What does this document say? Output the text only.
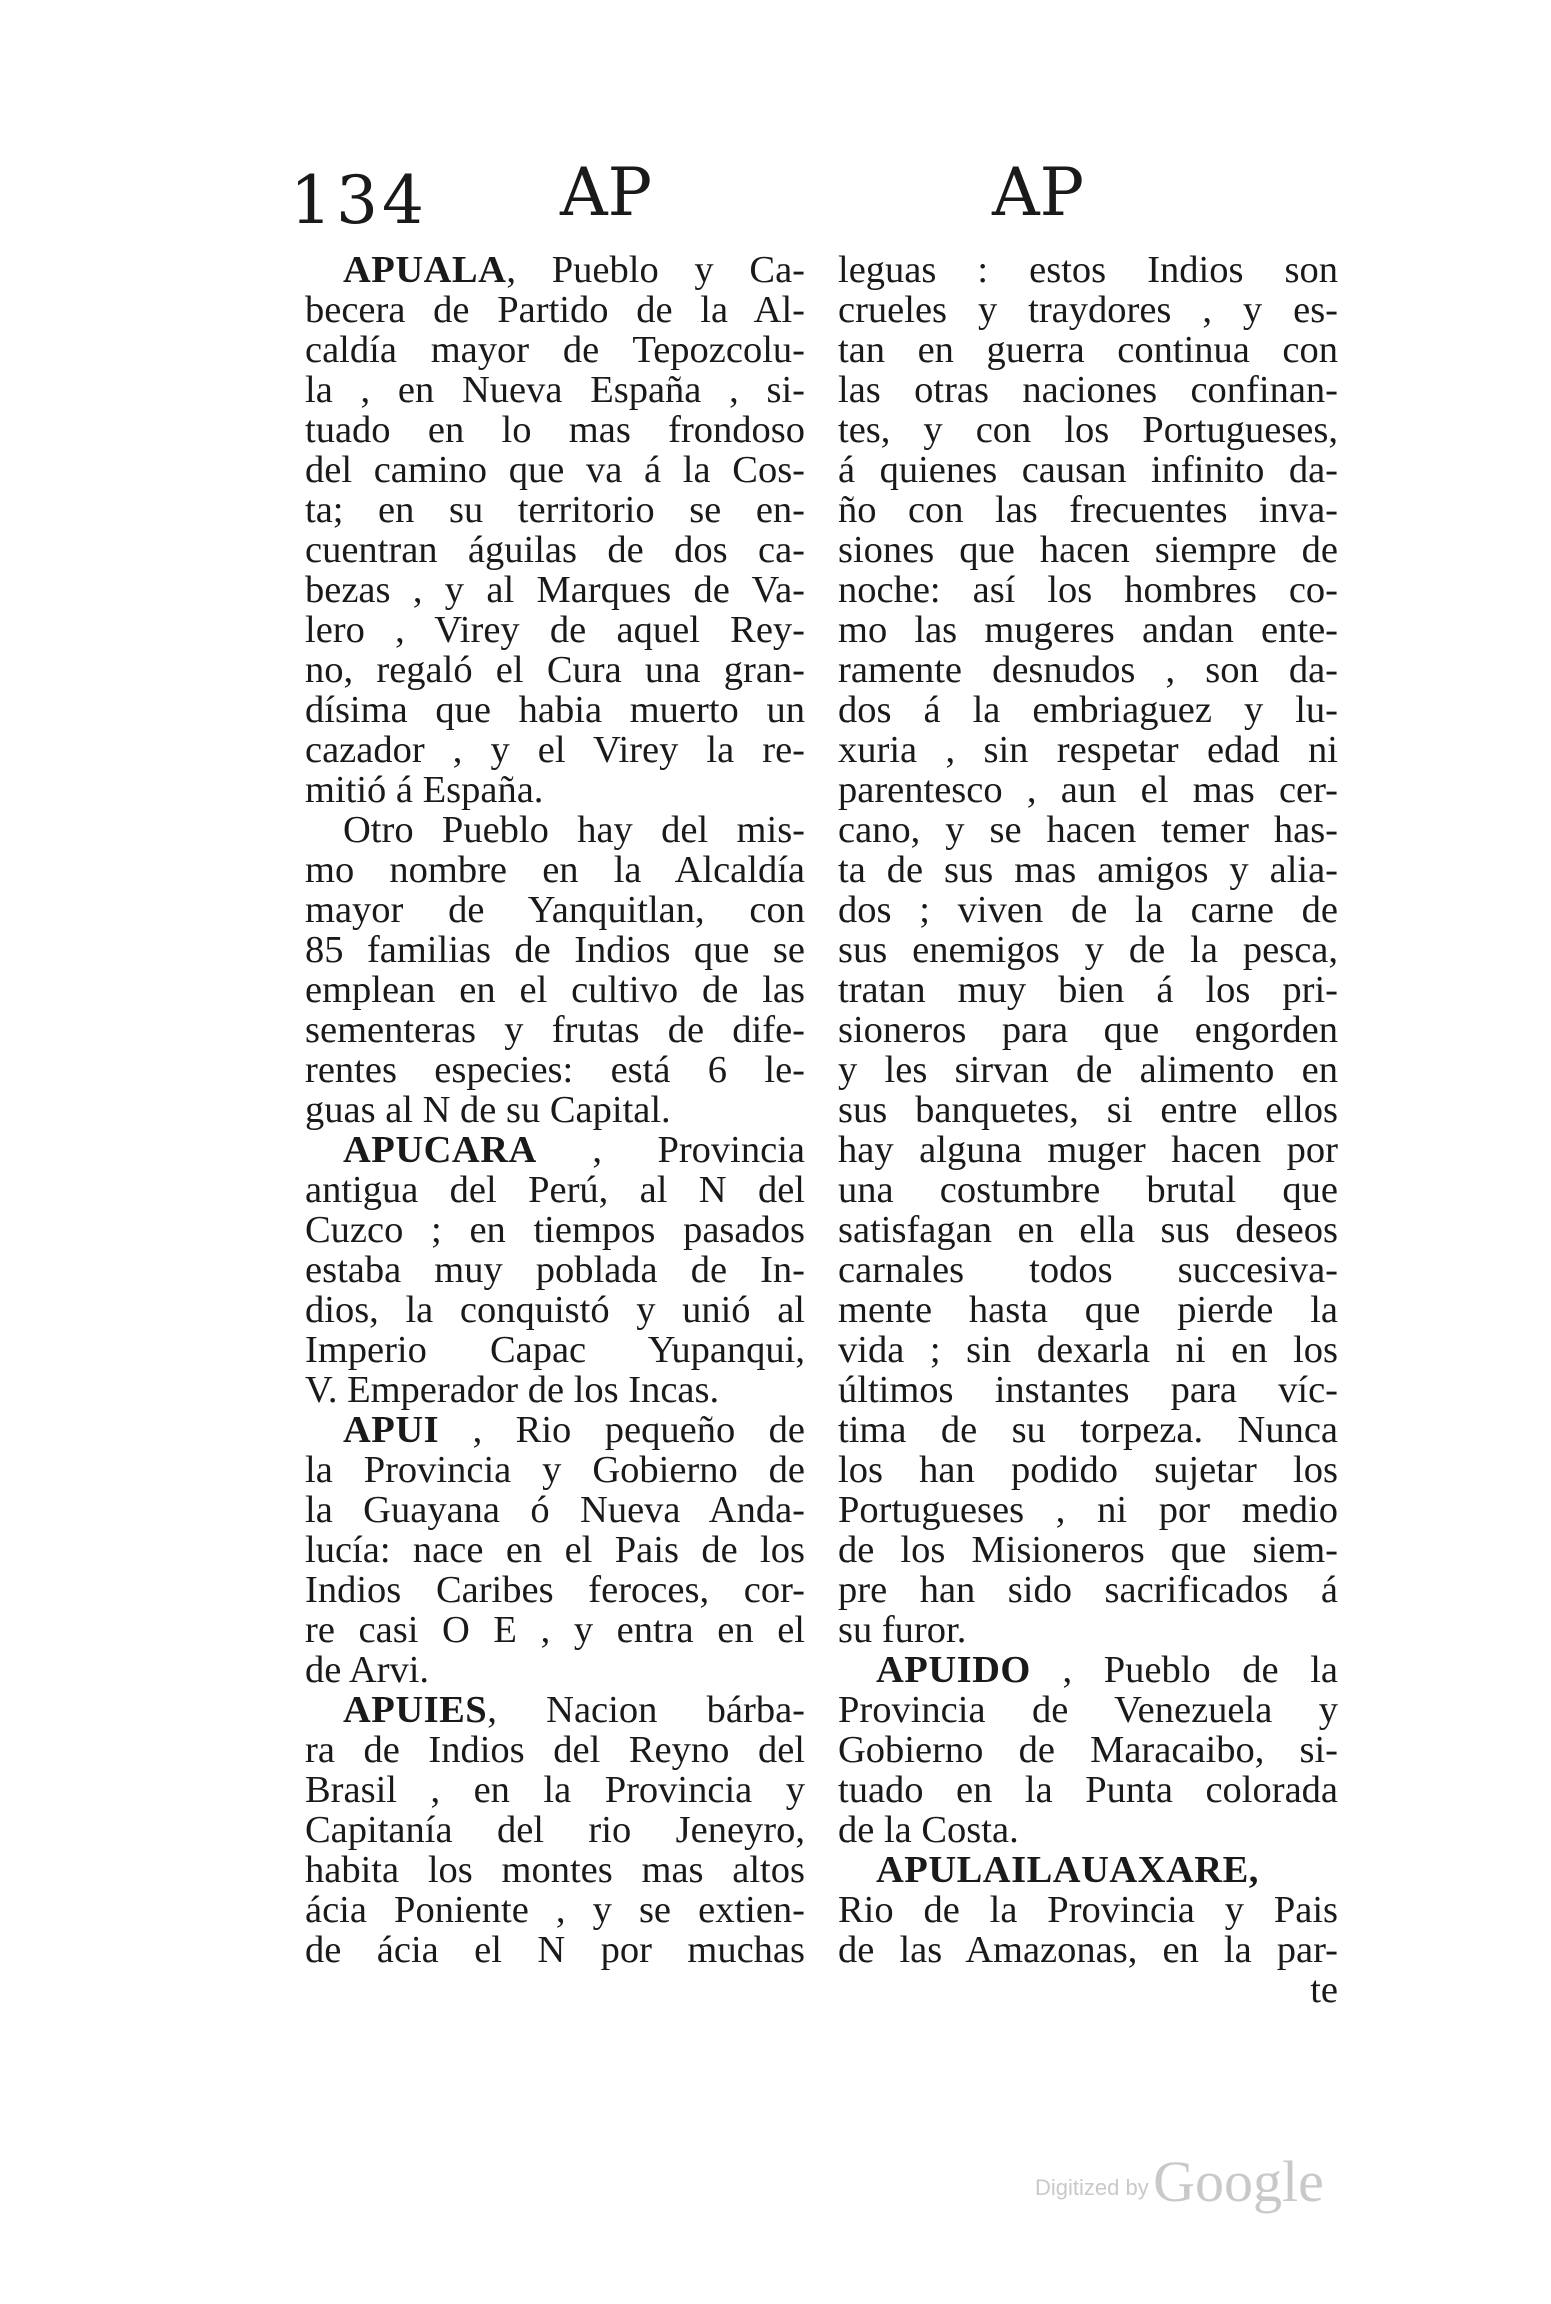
134 AP	AP
APUALA, Pueblo y Ca-
becera de Partido de la Al-
caldía mayor de Tepozcolu-
la , en Nueva España , si-
tuado en lo mas frondoso
del camino que va á la Cos-
ta; en su territorio se en-
cuentran águilas de dos ca-
bezas , y al Marques de Va-
lero , Virey de aquel Rey-
no, regaló el Cura una gran-
dísima que habia muerto un
cazador , y el Virey la re-
mitió á España.
Otro Pueblo hay del mis-
mo nombre en la Alcaldía
mayor de Yanquitlan, con
85 familias de Indios que se
emplean en el cultivo de las
sementeras y frutas de dife-
rentes especies: está 6 le-
guas al N de su Capital.
APUCARA , Provincia
antigua del Perú, al N del
Cuzco ; en tiempos pasados
estaba muy poblada de In-
dios, la conquistó y unió al
Imperio Capac Yupanqui,
V. Emperador de los Incas.
APUI , Rio pequeño de
la Provincia y Gobierno de
la Guayana ó Nueva Anda-
lucía: nace en el Pais de los
Indios Caribes feroces, cor-
re casi O E , y entra en el
de Arvi.
APUIES, Nacion bárba-
ra de Indios del Reyno del
Brasil , en la Provincia y
Capitanía del rio Jeneyro,
habita los montes mas altos
ácia Poniente , y se extien-
de ácia el N por muchas
leguas : estos Indios son
crueles y traydores , y es-
tan en guerra continua con
las otras naciones confinan-
tes, y con los Portugueses,
á quienes causan infinito da-
ño con las frecuentes inva-
siones que hacen siempre de
noche: así los hombres co-
mo las mugeres andan ente-
ramente desnudos , son da-
dos á la embriaguez y lu-
xuria , sin respetar edad ni
parentesco , aun el mas cer-
cano, y se hacen temer has-
ta de sus mas amigos y alia-
dos ; viven de la carne de
sus enemigos y de la pesca,
tratan muy bien á los pri-
sioneros para que engorden
y les sirvan de alimento en
sus banquetes, si entre ellos
hay alguna muger hacen por
una costumbre brutal que
satisfagan en ella sus deseos
carnales todos succesiva-
mente hasta que pierde la
vida ; sin dexarla ni en los
últimos instantes para víc-
tima de su torpeza. Nunca
los han podido sujetar los
Portugueses , ni por medio
de los Misioneros que siem-
pre han sido sacrificados á
su furor.
APUIDO , Pueblo de la
Provincia de Venezuela y
Gobierno de Maracaibo, si-
tuado en la Punta colorada
de la Costa.
APULAILAUAXARE,
Rio de la Provincia y Pais
de las Amazonas, en la par-
te
Digitized by Google
